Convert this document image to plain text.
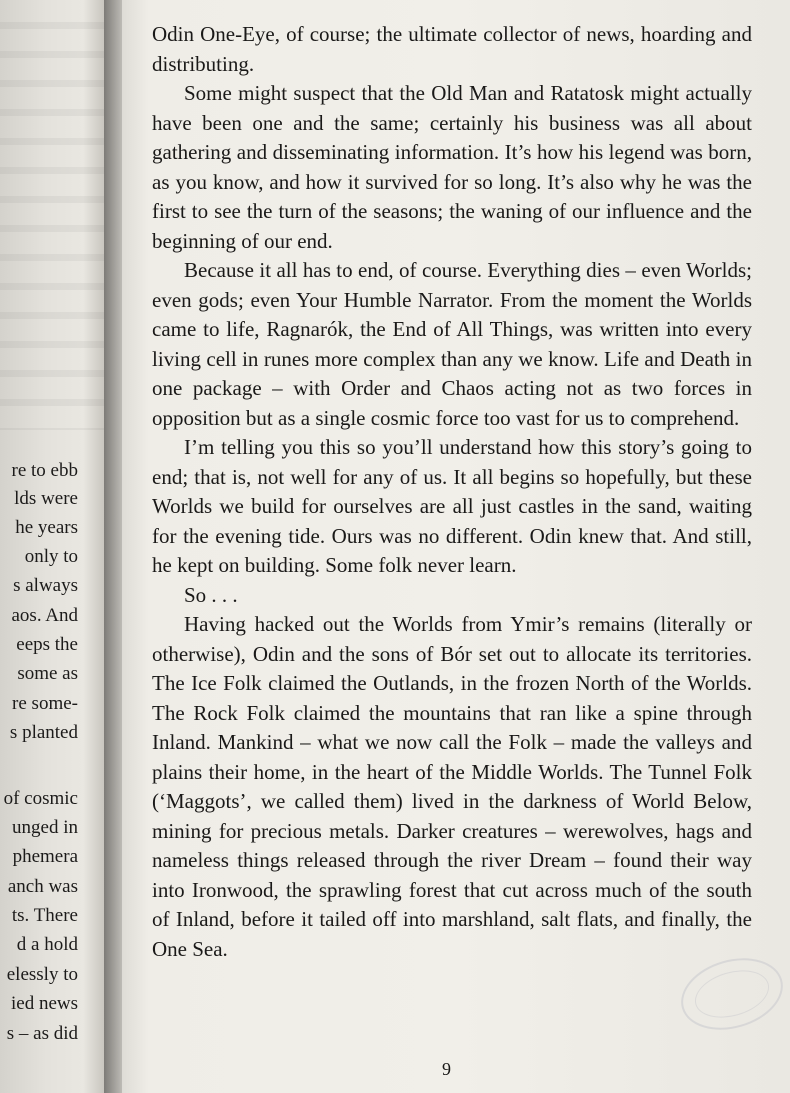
re to ebb
lds were
he years
only to
s always
aos. And
eeps the
some as
re some-
s planted
of cosmic
unged in
phemera
anch was
ts. There
d a hold
elessly to
ied news
s – as did

Odin One-Eye, of course; the ultimate collector of news, hoarding and distributing.

Some might suspect that the Old Man and Ratatosk might actually have been one and the same; certainly his business was all about gathering and disseminating information. It’s how his legend was born, as you know, and how it survived for so long. It’s also why he was the first to see the turn of the seasons; the waning of our influence and the beginning of our end.

Because it all has to end, of course. Everything dies – even Worlds; even gods; even Your Humble Narrator. From the moment the Worlds came to life, Ragnarók, the End of All Things, was written into every living cell in runes more complex than any we know. Life and Death in one package – with Order and Chaos acting not as two forces in opposition but as a single cosmic force too vast for us to comprehend.

I’m telling you this so you’ll understand how this story’s going to end; that is, not well for any of us. It all begins so hopefully, but these Worlds we build for ourselves are all just castles in the sand, waiting for the evening tide. Ours was no different. Odin knew that. And still, he kept on building. Some folk never learn.

So . . .

Having hacked out the Worlds from Ymir’s remains (literally or otherwise), Odin and the sons of Bór set out to allocate its territories. The Ice Folk claimed the Outlands, in the frozen North of the Worlds. The Rock Folk claimed the mountains that ran like a spine through Inland. Mankind – what we now call the Folk – made the valleys and plains their home, in the heart of the Middle Worlds. The Tunnel Folk (‘Maggots’, we called them) lived in the darkness of World Below, mining for precious metals. Darker creatures – werewolves, hags and nameless things released through the river Dream – found their way into Ironwood, the sprawling forest that cut across much of the south of Inland, before it tailed off into marshland, salt flats, and finally, the One Sea.

9
